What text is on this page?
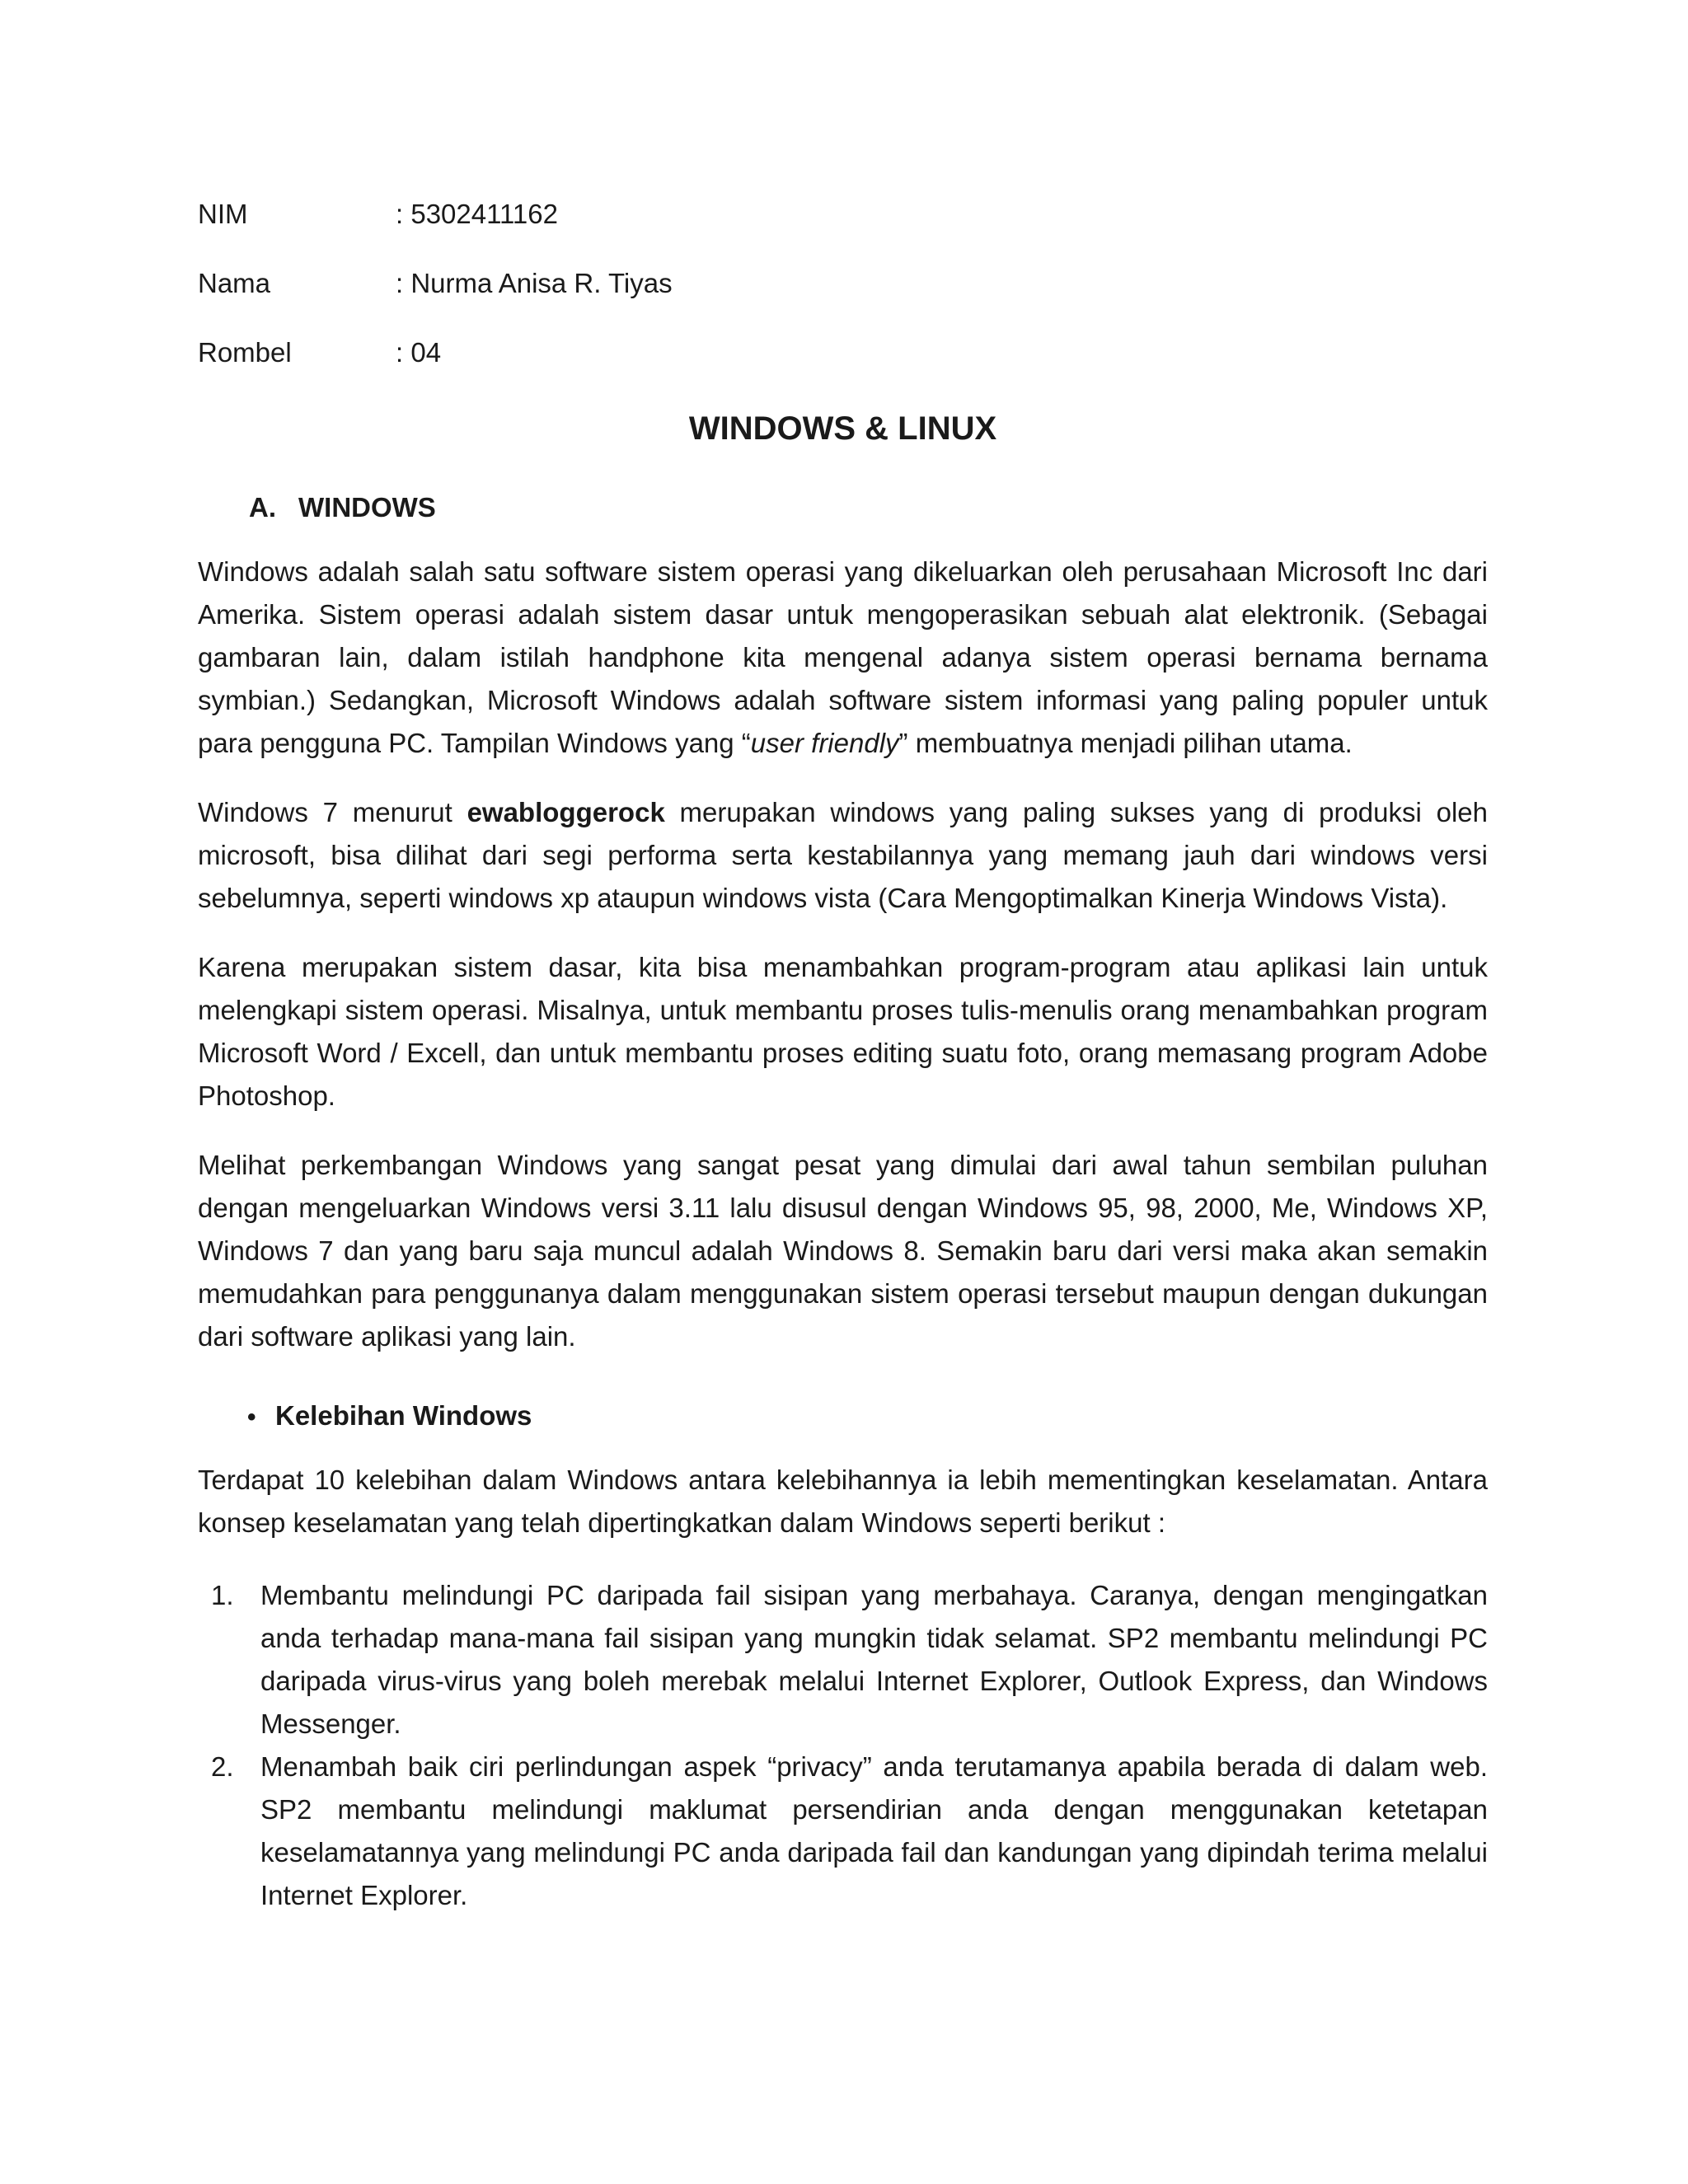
NIM	: 5302411162
Nama	: Nurma Anisa R. Tiyas
Rombel	: 04
WINDOWS & LINUX
A. WINDOWS

Windows adalah salah satu software sistem operasi yang dikeluarkan oleh perusahaan Microsoft Inc dari Amerika. Sistem operasi adalah sistem dasar untuk mengoperasikan sebuah alat elektronik. (Sebagai gambaran lain, dalam istilah handphone kita mengenal adanya sistem operasi bernama bernama symbian.) Sedangkan, Microsoft Windows adalah software sistem informasi yang paling populer untuk para pengguna PC. Tampilan Windows yang “user friendly” membuatnya menjadi pilihan utama.

Windows 7 menurut ewabloggerock merupakan windows yang paling sukses yang di produksi oleh microsoft, bisa dilihat dari segi performa serta kestabilannya yang memang jauh dari windows versi sebelumnya, seperti windows xp ataupun windows vista (Cara Mengoptimalkan Kinerja Windows Vista).

Karena merupakan sistem dasar, kita bisa menambahkan program-program atau aplikasi lain untuk melengkapi sistem operasi. Misalnya, untuk membantu proses tulis-menulis orang menambahkan program Microsoft Word / Excell, dan untuk membantu proses editing suatu foto, orang memasang program Adobe Photoshop.

Melihat perkembangan Windows yang sangat pesat yang dimulai dari awal tahun sembilan puluhan dengan mengeluarkan Windows versi 3.11 lalu disusul dengan Windows 95, 98, 2000, Me, Windows XP, Windows 7 dan yang baru saja muncul adalah Windows 8. Semakin baru dari versi maka akan semakin memudahkan para penggunanya dalam menggunakan sistem operasi tersebut maupun dengan dukungan dari software aplikasi yang lain.

• Kelebihan Windows

Terdapat 10 kelebihan dalam Windows antara kelebihannya ia lebih mementingkan keselamatan. Antara konsep keselamatan yang telah dipertingkatkan dalam Windows seperti berikut :

1. Membantu melindungi PC daripada fail sisipan yang merbahaya. Caranya, dengan mengingatkan anda terhadap mana-mana fail sisipan yang mungkin tidak selamat. SP2 membantu melindungi PC daripada virus-virus yang boleh merebak melalui Internet Explorer, Outlook Express, dan Windows Messenger.
2. Menambah baik ciri perlindungan aspek “privacy” anda terutamanya apabila berada di dalam web. SP2 membantu melindungi maklumat persendirian anda dengan menggunakan ketetapan keselamatannya yang melindungi PC anda daripada fail dan kandungan yang dipindah terima melalui Internet Explorer.
